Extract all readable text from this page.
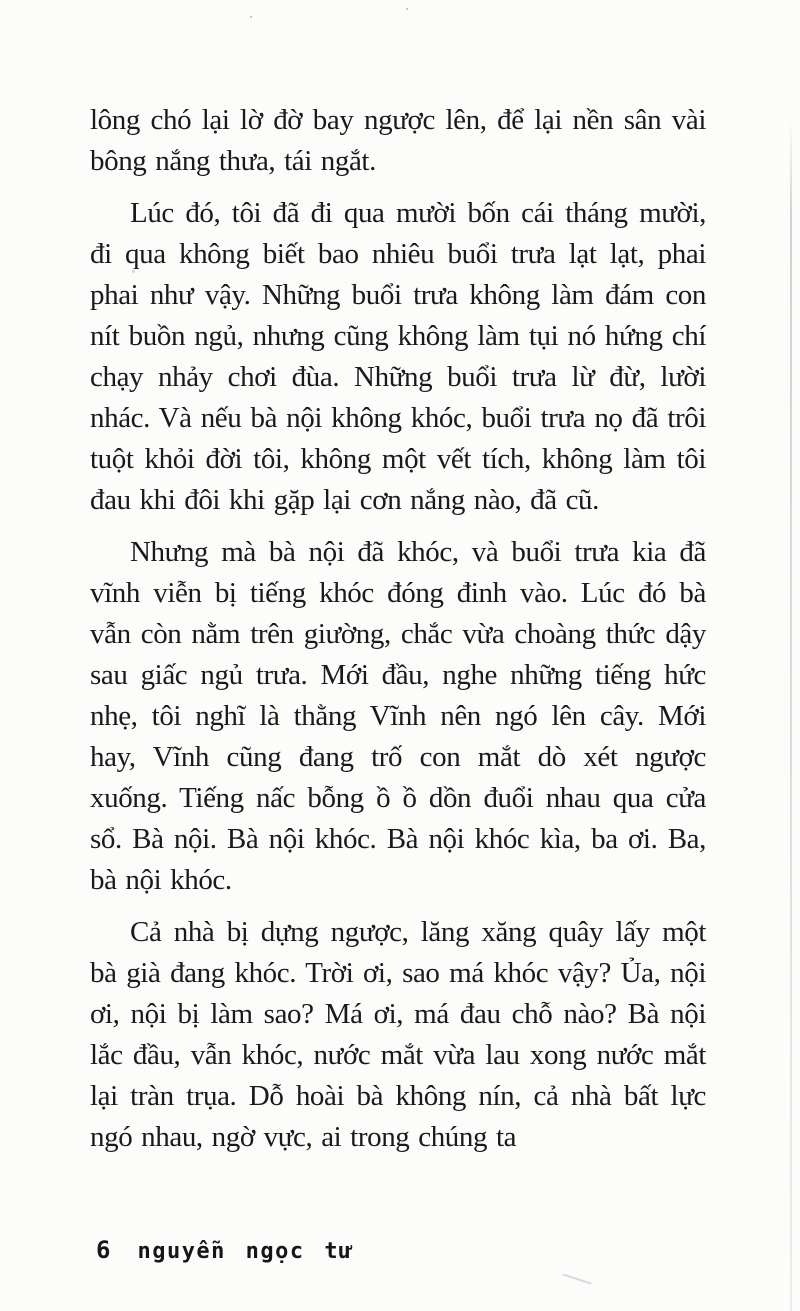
lông chó lại lờ đờ bay ngược lên, để lại nền sân vài bông nắng thưa, tái ngắt.

Lúc đó, tôi đã đi qua mười bốn cái tháng mười, đi qua không biết bao nhiêu buổi trưa lạt lạt, phai phai như vậy. Những buổi trưa không làm đám con nít buồn ngủ, nhưng cũng không làm tụi nó hứng chí chạy nhảy chơi đùa. Những buổi trưa lừ đừ, lười nhác. Và nếu bà nội không khóc, buổi trưa nọ đã trôi tuột khỏi đời tôi, không một vết tích, không làm tôi đau khi đôi khi gặp lại cơn nắng nào, đã cũ.

Nhưng mà bà nội đã khóc, và buổi trưa kia đã vĩnh viễn bị tiếng khóc đóng đinh vào. Lúc đó bà vẫn còn nằm trên giường, chắc vừa choàng thức dậy sau giấc ngủ trưa. Mới đầu, nghe những tiếng hức nhẹ, tôi nghĩ là thằng Vĩnh nên ngó lên cây. Mới hay, Vĩnh cũng đang trố con mắt dò xét ngược xuống. Tiếng nấc bỗng ồ ồ dồn đuổi nhau qua cửa sổ. Bà nội. Bà nội khóc. Bà nội khóc kìa, ba ơi. Ba, bà nội khóc.

Cả nhà bị dựng ngược, lăng xăng quây lấy một bà già đang khóc. Trời ơi, sao má khóc vậy? Ủa, nội ơi, nội bị làm sao? Má ơi, má đau chỗ nào? Bà nội lắc đầu, vẫn khóc, nước mắt vừa lau xong nước mắt lại tràn trụa. Dỗ hoài bà không nín, cả nhà bất lực ngó nhau, ngờ vực, ai trong chúng ta

6 nguyễn ngọc tư
